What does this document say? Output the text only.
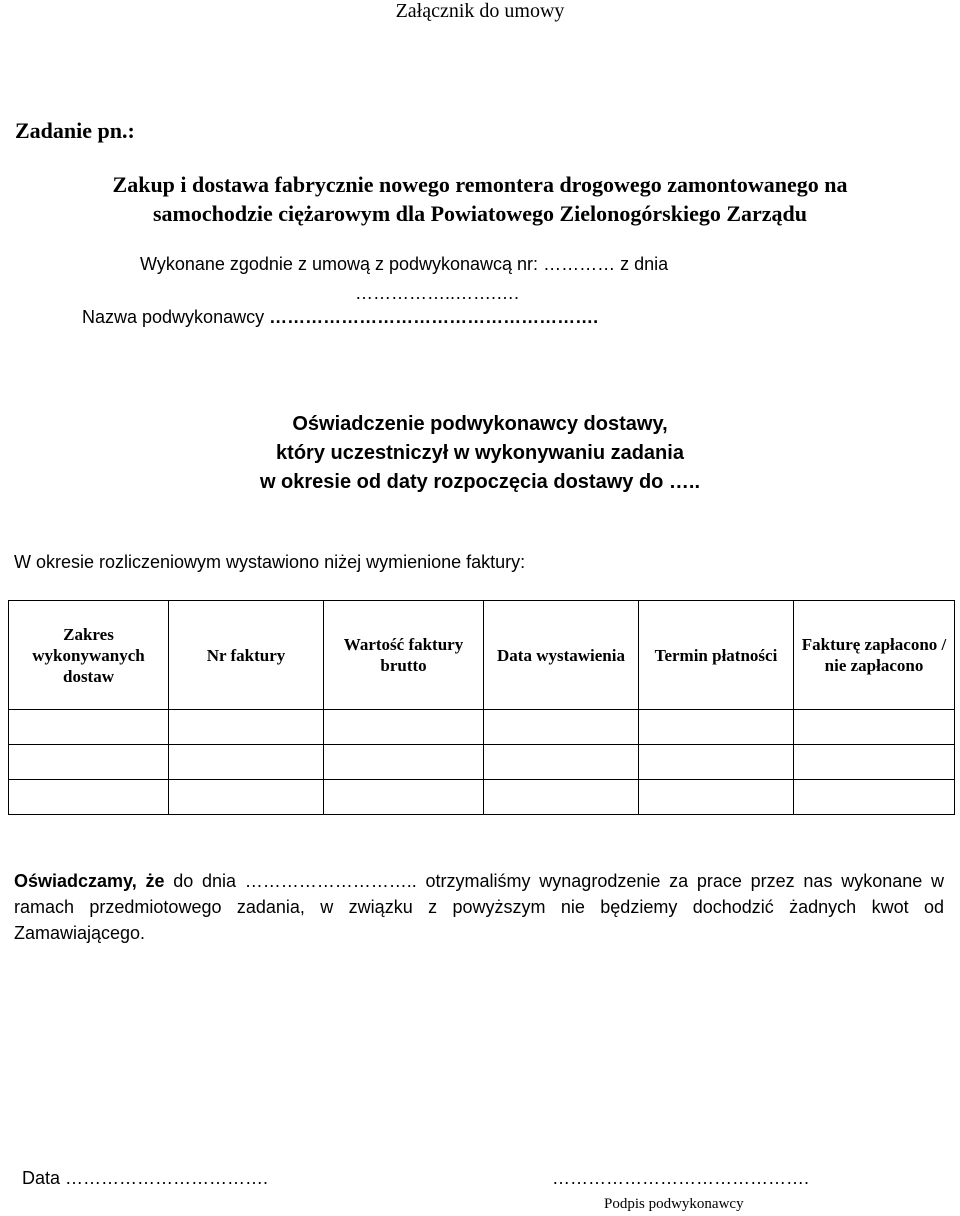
Załącznik do umowy
Zadanie pn.:
Zakup i dostawa fabrycznie nowego remontera drogowego zamontowanego na
samochodzie ciężarowym dla Powiatowego Zielonogórskiego Zarządu
Wykonane zgodnie z umową z podwykonawcą nr: ………… z dnia
……………..…….….
Nazwa podwykonawcy ……………………………………………….
Oświadczenie podwykonawcy dostawy,
który uczestniczył w wykonywaniu zadania
w okresie od daty rozpoczęcia dostawy do …..
W okresie rozliczeniowym wystawiono niżej wymienione faktury:
Zakres wykonywanych dostaw	Nr faktury	Wartość faktury brutto	Data wystawienia	Termin płatności	Fakturę zapłacono / nie zapłacono

Oświadczamy, że do dnia ……………………….. otrzymaliśmy wynagrodzenie za prace przez nas wykonane w ramach przedmiotowego zadania, w związku z powyższym nie będziemy dochodzić żadnych kwot od Zamawiającego.
Data …………………………….	…………………………………….
Podpis podwykonawcy
